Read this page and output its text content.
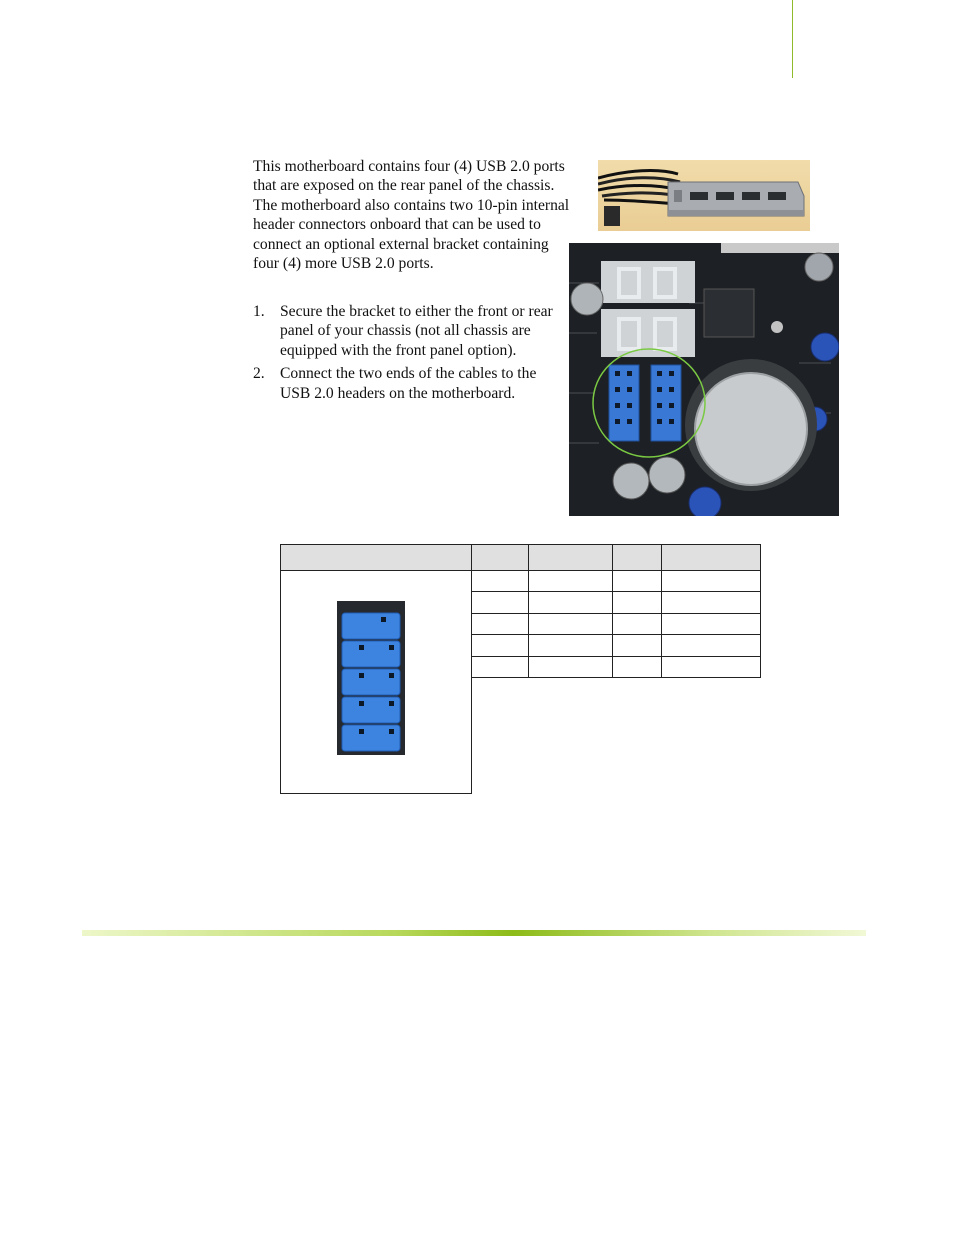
This motherboard contains four (4) USB 2.0 ports that are exposed on the rear panel of the chassis. The motherboard also contains two 10-pin internal header connectors onboard that can be used to connect an optional external bracket containing four (4) more USB 2.0 ports.
1. Secure the bracket to either the front or rear panel of your chassis (not all chassis are equipped with the front panel option).
2. Connect the two ends of the cables to the USB 2.0 headers on the motherboard.
